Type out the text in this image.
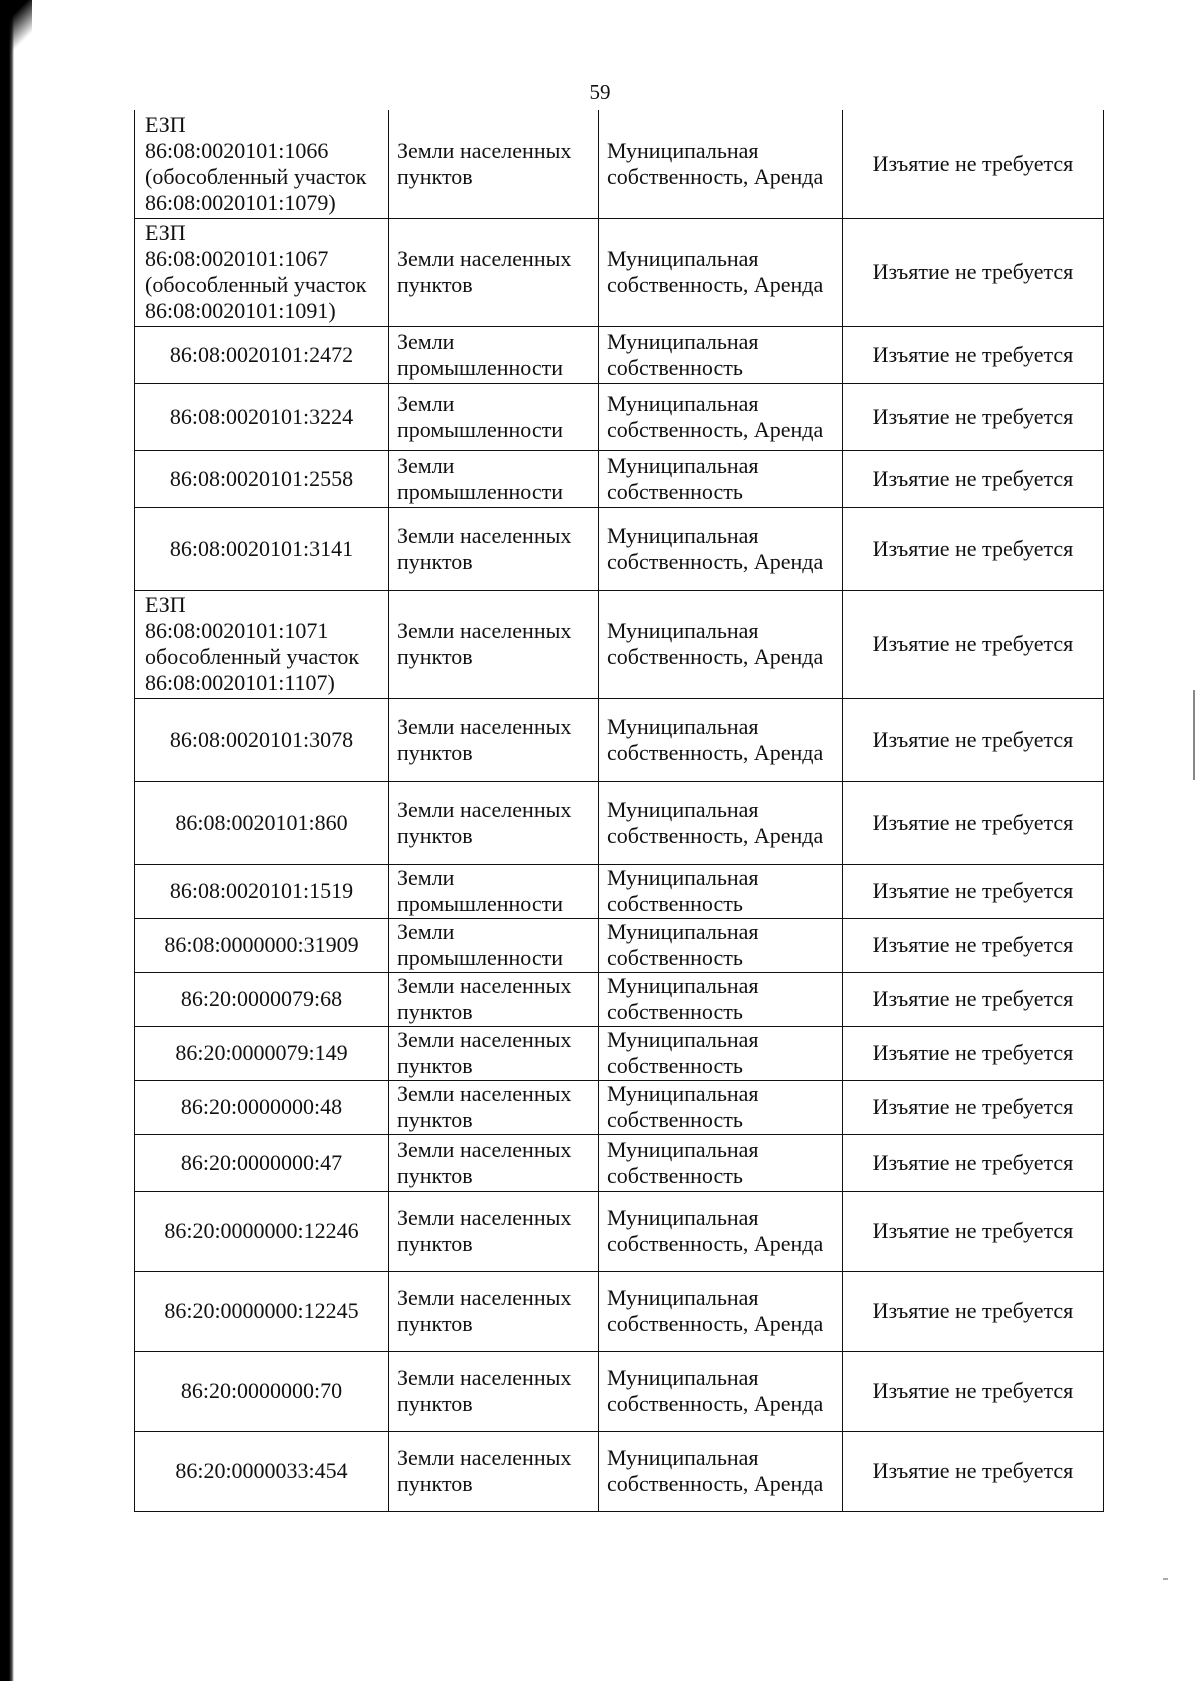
59
ЕЗП
86:08:0020101:1066
(обособленный участок
86:08:0020101:1079)	Земли населенных пунктов	Муниципальная собственность, Аренда	Изъятие не требуется

ЕЗП
86:08:0020101:1067
(обособленный участок
86:08:0020101:1091)	Земли населенных пунктов	Муниципальная собственность, Аренда	Изъятие не требуется

86:08:0020101:2472	Земли промышленности	Муниципальная собственность	Изъятие не требуется

86:08:0020101:3224	Земли промышленности	Муниципальная собственность, Аренда	Изъятие не требуется

86:08:0020101:2558	Земли промышленности	Муниципальная собственность	Изъятие не требуется

86:08:0020101:3141	Земли населенных пунктов	Муниципальная собственность, Аренда	Изъятие не требуется

ЕЗП
86:08:0020101:1071
обособленный участок
86:08:0020101:1107)	Земли населенных пунктов	Муниципальная собственность, Аренда	Изъятие не требуется

86:08:0020101:3078	Земли населенных пунктов	Муниципальная собственность, Аренда	Изъятие не требуется

86:08:0020101:860	Земли населенных пунктов	Муниципальная собственность, Аренда	Изъятие не требуется

86:08:0020101:1519	Земли промышленности	Муниципальная собственность	Изъятие не требуется

86:08:0000000:31909	Земли промышленности	Муниципальная собственность	Изъятие не требуется

86:20:0000079:68	Земли населенных пунктов	Муниципальная собственность	Изъятие не требуется

86:20:0000079:149	Земли населенных пунктов	Муниципальная собственность	Изъятие не требуется

86:20:0000000:48	Земли населенных пунктов	Муниципальная собственность	Изъятие не требуется

86:20:0000000:47	Земли населенных пунктов	Муниципальная собственность	Изъятие не требуется

86:20:0000000:12246	Земли населенных пунктов	Муниципальная собственность, Аренда	Изъятие не требуется

86:20:0000000:12245	Земли населенных пунктов	Муниципальная собственность, Аренда	Изъятие не требуется

86:20:0000000:70	Земли населенных пунктов	Муниципальная собственность, Аренда	Изъятие не требуется

86:20:0000033:454	Земли населенных пунктов	Муниципальная собственность, Аренда	Изъятие не требуется
